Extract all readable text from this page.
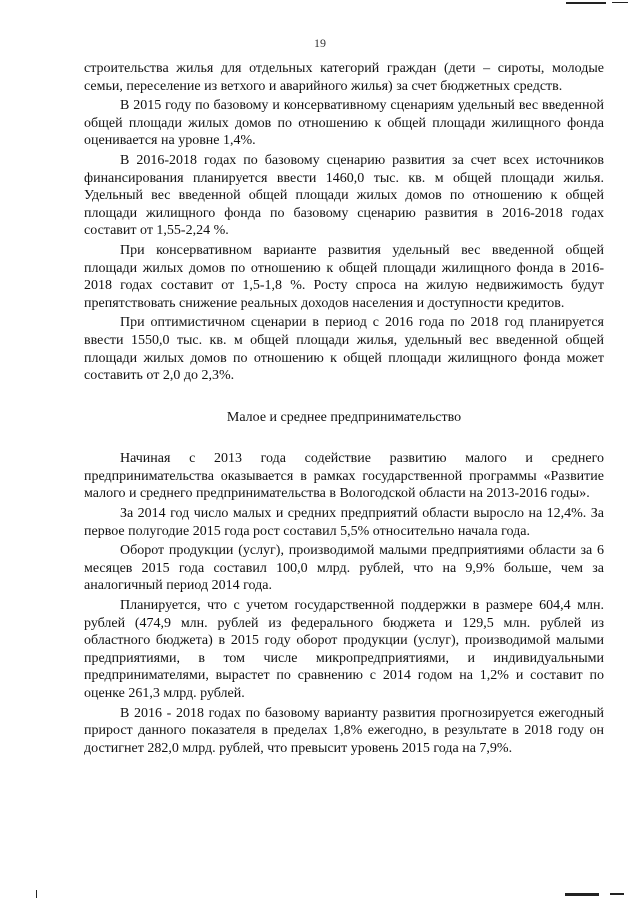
19

строительства жилья для отдельных категорий граждан (дети – сироты, молодые семьи, переселение из ветхого и аварийного жилья) за счет бюджетных средств.

В 2015 году по базовому и консервативному сценариям удельный вес введенной общей площади жилых домов по отношению к общей площади жилищного фонда оценивается на уровне 1,4%.

В 2016-2018 годах по базовому сценарию развития за счет всех источников финансирования планируется ввести 1460,0 тыс. кв. м общей площади жилья. Удельный вес введенной общей площади жилых домов по отношению к общей площади жилищного фонда по базовому сценарию развития в 2016-2018 годах составит от 1,55-2,24 %.

При консервативном варианте развития удельный вес введенной общей площади жилых домов по отношению к общей площади жилищного фонда в 2016-2018 годах составит от 1,5-1,8 %. Росту спроса на жилую недвижимость будут препятствовать снижение реальных доходов населения и доступности кредитов.

При оптимистичном сценарии в период с 2016 года по 2018 год планируется ввести 1550,0 тыс. кв. м общей площади жилья, удельный вес введенной общей площади жилых домов по отношению к общей площади жилищного фонда может составить от 2,0 до 2,3%.

Малое и среднее предпринимательство

Начиная с 2013 года содействие развитию малого и среднего предпринимательства оказывается в рамках государственной программы «Развитие малого и среднего предпринимательства в Вологодской области на 2013-2016 годы».

За 2014 год число малых и средних предприятий области выросло на 12,4%. За первое полугодие 2015 года рост составил 5,5% относительно начала года.

Оборот продукции (услуг), производимой малыми предприятиями области за 6 месяцев 2015 года составил 100,0 млрд. рублей, что на 9,9% больше, чем за аналогичный период 2014 года.

Планируется, что с учетом государственной поддержки в размере 604,4 млн. рублей (474,9 млн. рублей из федерального бюджета и 129,5 млн. рублей из областного бюджета) в 2015 году оборот продукции (услуг), производимой малыми предприятиями, в том числе микропредприятиями, и индивидуальными предпринимателями, вырастет по сравнению с 2014 годом на 1,2% и составит по оценке 261,3 млрд. рублей.

В 2016 - 2018 годах по базовому варианту развития прогнозируется ежегодный прирост данного показателя в пределах 1,8% ежегодно, в результате в 2018 году он достигнет 282,0 млрд. рублей, что превысит уровень 2015 года на 7,9%.
